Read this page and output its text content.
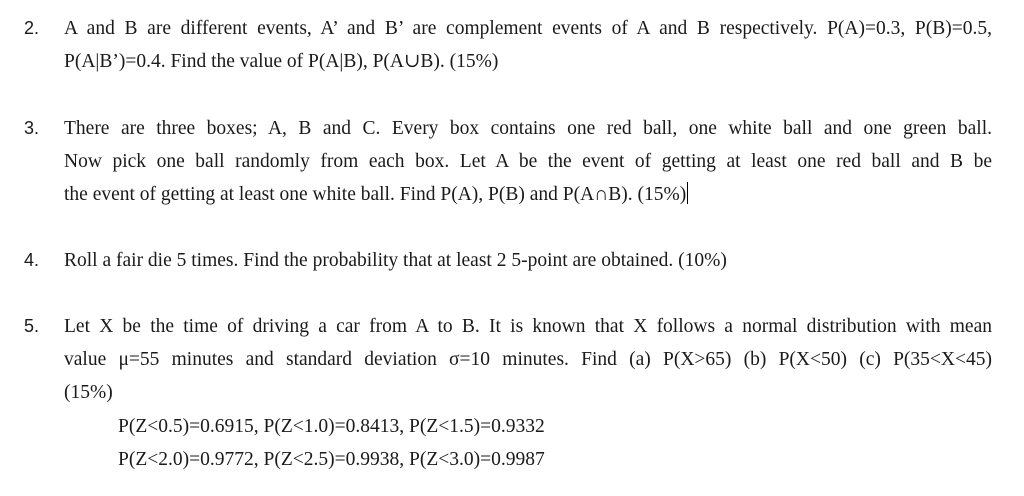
2.	A and B are different events, A’ and B’ are complement events of A and B respectively. P(A)=0.3, P(B)=0.5,
P(A|B’)=0.4. Find the value of P(A|B), P(A∪B). (15%)
3.	There are three boxes; A, B and C. Every box contains one red ball, one white ball and one green ball.
Now pick one ball randomly from each box. Let A be the event of getting at least one red ball and B be
the event of getting at least one white ball. Find P(A), P(B) and P(A∩B). (15%)
4.	Roll a fair die 5 times. Find the probability that at least 2 5-point are obtained. (10%)
5.	Let X be the time of driving a car from A to B. It is known that X follows a normal distribution with mean
value μ=55 minutes and standard deviation σ=10 minutes. Find (a) P(X>65) (b) P(X<50) (c) P(35<X<45)
(15%)
P(Z<0.5)=0.6915, P(Z<1.0)=0.8413, P(Z<1.5)=0.9332
P(Z<2.0)=0.9772, P(Z<2.5)=0.9938, P(Z<3.0)=0.9987
